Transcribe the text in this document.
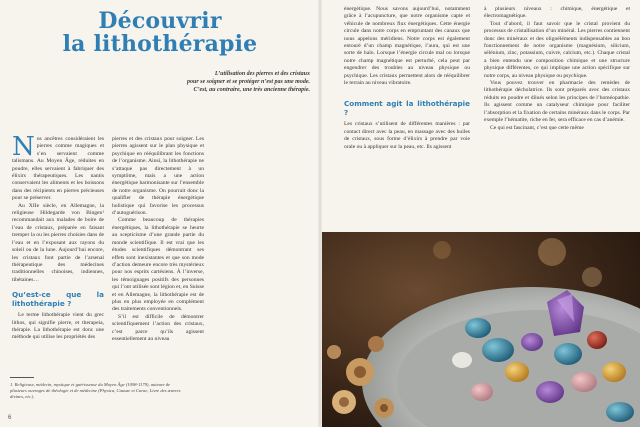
Découvrir
la lithothérapie
L’utilisation des pierres et des cristaux
pour se soigner et se protéger n’est pas une mode.
C’est, au contraire, une très ancienne thérapie.

N os ancêtres considéraient les pierres comme magiques et s’en servaient comme talismans. Au Moyen Âge, réduites en poudre, elles servaient à fabriquer des élixirs thérapeutiques. Les nantis conservaient les aliments et les boissons dans des récipients en pierres précieuses pour se préserver.

Au XIIe siècle, en Allemagne, la religieuse Hildegarde von Bingen¹ recommandait aux malades de boire de l’eau de cristaux, préparée en faisant tremper la ou les pierres choisies dans de l’eau et en l’exposant aux rayons du soleil ou de la lune. Aujourd’hui encore, les cristaux font partie de l’arsenal thérapeutique des médecines traditionnelles chinoises, indiennes, tibétaines…

Qu’est-ce que la lithothérapie ?

Le terme lithothérapie vient du grec lithos, qui signifie pierre, et therapeia, thérapie. La lithothérapie est donc une méthode qui utilise les propriétés des

pierres et des cristaux pour soigner. Les pierres agissent sur le plan physique et psychique en rééquilibrant les fonctions de l’organisme. Ainsi, la lithothérapie ne s’attaque pas directement à un symptôme, mais a une action énergétique harmonisante sur l’ensemble de notre organisme. On pourrait donc la qualifier de thérapie énergétique holistique qui favorise les processus d’autoguérison.

Comme beaucoup de thérapies énergétiques, la lithothérapie se heurte au scepticisme d’une grande partie du monde scientifique. Il est vrai que les études scientifiques démontrant ses effets sont inexistantes et que son mode d’action demeure encore très mystérieux pour nos esprits cartésiens. À l’inverse, les témoignages positifs des personnes qui l’ont utilisée sont légion et, en Suisse et en Allemagne, la lithothérapie est de plus en plus employée en complément des traitements conventionnels.

S’il est difficile de démontrer scientifiquement l’action des cristaux, c’est parce qu’ils agissent essentiellement au niveau

1. Religieuse, médecin, mystique et guérisseuse du Moyen Âge (1098-1179), auteure de plusieurs ouvrages de théologie et de médecine (Physica, Causae et Curae, Livre des œuvres divines, etc.).
6

énergétique. Nous savons aujourd’hui, notamment grâce à l’acupuncture, que notre organisme capte et véhicule de nombreux flux énergétiques. Cette énergie circule dans notre corps en empruntant des canaux que nous appelons méridiens. Notre corps est également entouré d’un champ magnétique, l’aura, qui est une sorte de halo. Lorsque l’énergie circule mal ou lorsque notre champ magnétique est perturbé, cela peut par engendrer des troubles au niveau physique ou psychique. Les cristaux permettent alors de rééquilibrer le terrain au niveau vibratoire.

Comment agit la lithothérapie ?

Les cristaux s’utilisent de différentes manières : par contact direct avec la peau, en massage avec des huiles de cristaux, sous forme d’élixirs à prendre par voie orale ou à appliquer sur la peau, etc. Ils agissent

à plusieurs niveaux : chimique, énergétique et électromagnétique.

Tout d’abord, il faut savoir que le cristal provient du processus de cristallisation d’un minéral. Les pierres contiennent donc des minéraux et des oligoéléments indispensables au bon fonctionnement de notre organisme (magnésium, silicium, sélénium, zinc, potassium, cuivre, calcium, etc.). Chaque cristal a bien entendu une composition chimique et une structure physique différentes, ce qui implique une action spécifique sur notre corps, au niveau physique ou psychique.

Vous pouvez trouver en pharmacie des remèdes de lithothérapie décholatrice. Ils sont préparés avec des cristaux réduits en poudre et dilués selon les principes de l’homéopathie. Ils agissent comme un catalyseur chimique pour faciliter l’absorption et la fixation de certains minéraux dans le corps. Par exemple l’hématite, riche en fer, sera efficace en cas d’anémie.

Ce qui est fascinant, c’est que cette même
